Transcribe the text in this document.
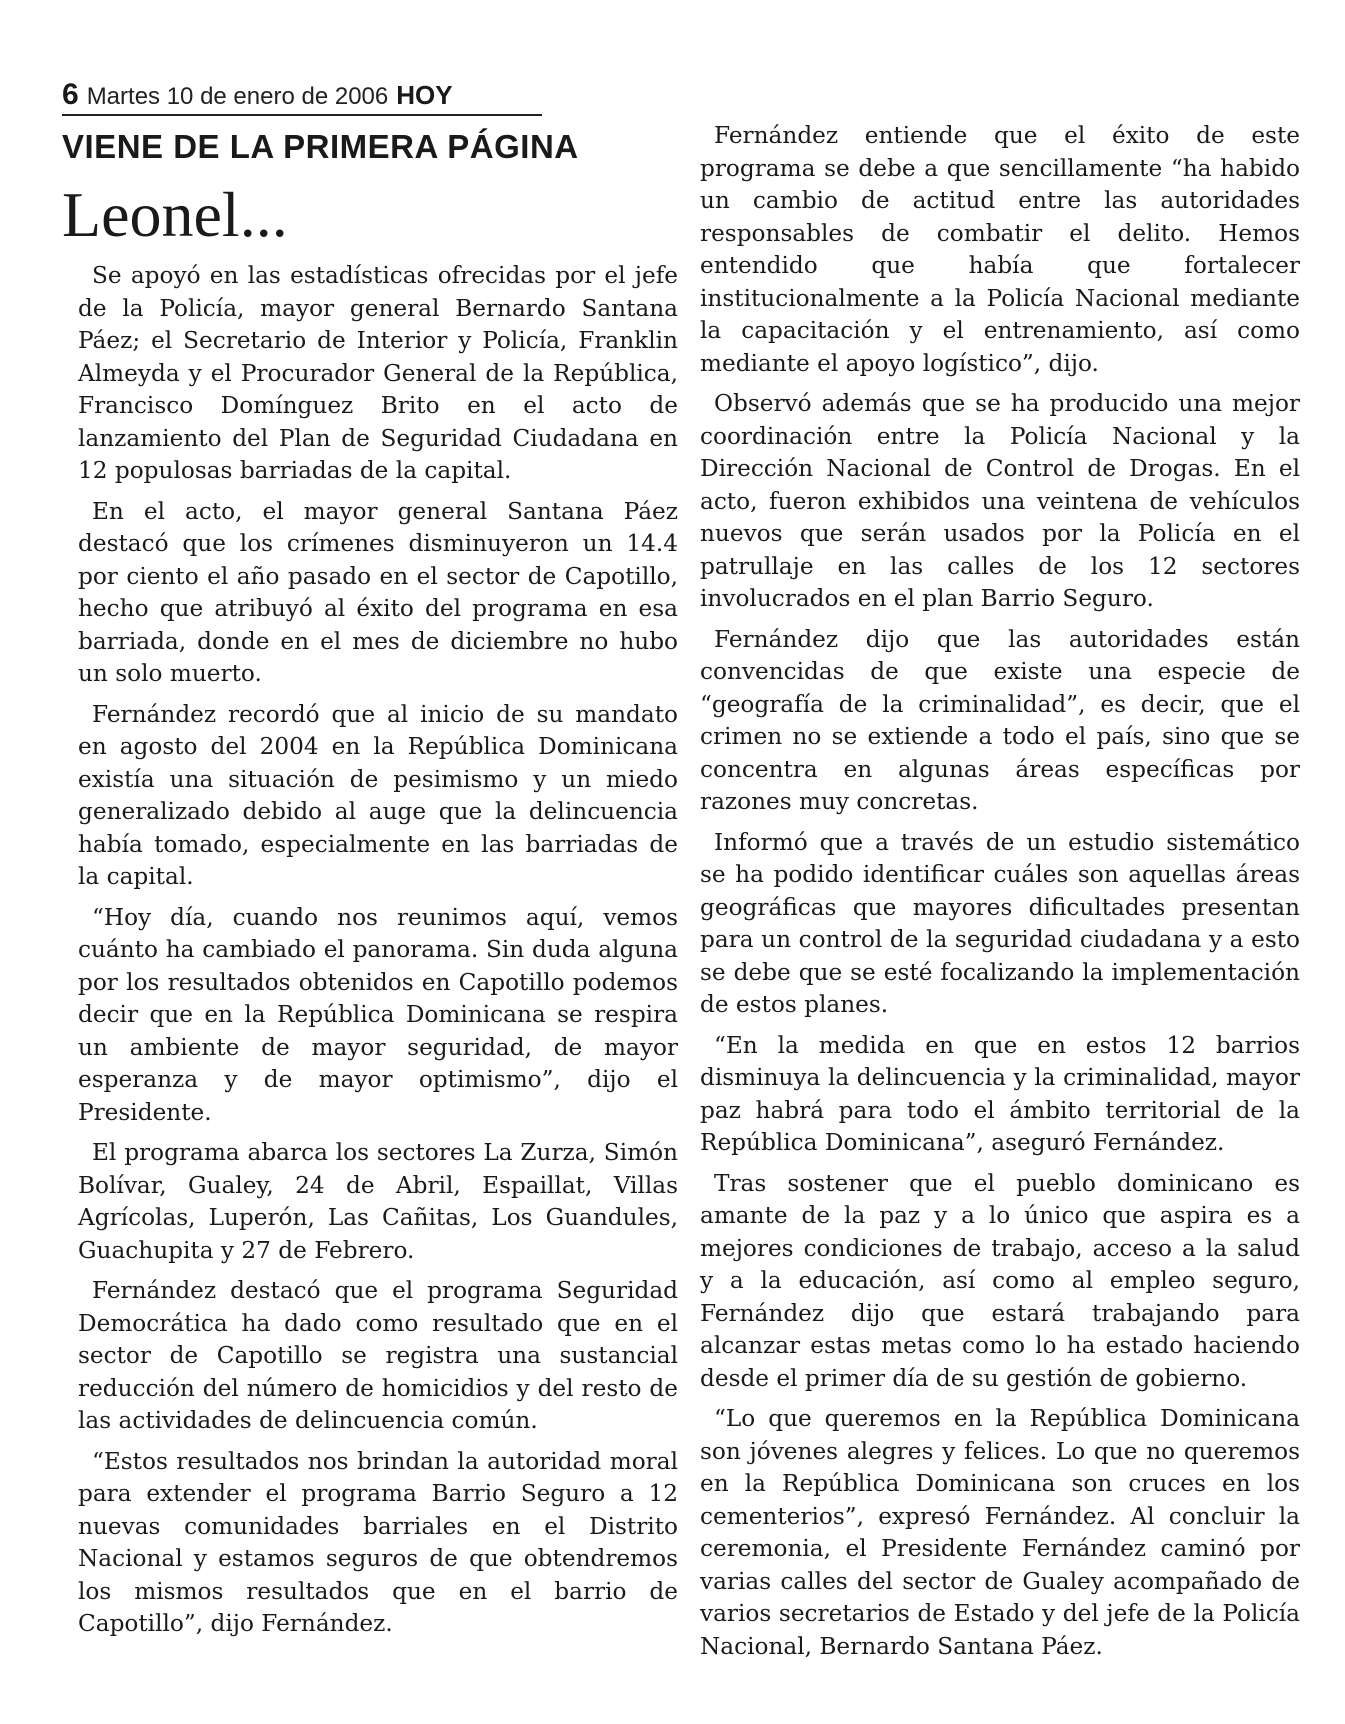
6 Martes 10 de enero de 2006 HOY
VIENE DE LA PRIMERA PÁGINA
Leonel...

Se apoyó en las estadísticas ofrecidas por el jefe de la Policía, mayor general Bernardo Santana Páez; el Secretario de Interior y Policía, Franklin Almeyda y el Procurador General de la República, Francisco Domínguez Brito en el acto de lanzamiento del Plan de Seguridad Ciudadana en 12 populosas barriadas de la capital.

En el acto, el mayor general Santana Páez destacó que los crímenes disminuyeron un 14.4 por ciento el año pasado en el sector de Capotillo, hecho que atribuyó al éxito del programa en esa barriada, donde en el mes de diciembre no hubo un solo muerto.

Fernández recordó que al inicio de su mandato en agosto del 2004 en la República Dominicana existía una situación de pesimismo y un miedo generalizado debido al auge que la delincuencia había tomado, especialmente en las barriadas de la capital.

“Hoy día, cuando nos reunimos aquí, vemos cuánto ha cambiado el panorama. Sin duda alguna por los resultados obtenidos en Capotillo podemos decir que en la República Dominicana se respira un ambiente de mayor seguridad, de mayor esperanza y de mayor optimismo”, dijo el Presidente.

El programa abarca los sectores La Zurza, Simón Bolívar, Gualey, 24 de Abril, Espaillat, Villas Agrícolas, Luperón, Las Cañitas, Los Guandules, Guachupita y 27 de Febrero.

Fernández destacó que el programa Seguridad Democrática ha dado como resultado que en el sector de Capotillo se registra una sustancial reducción del número de homicidios y del resto de las actividades de delincuencia común.

“Estos resultados nos brindan la autoridad moral para extender el programa Barrio Seguro a 12 nuevas comunidades barriales en el Distrito Nacional y estamos seguros de que obtendremos los mismos resultados que en el barrio de Capotillo”, dijo Fernández.

Fernández entiende que el éxito de este programa se debe a que sencillamente “ha habido un cambio de actitud entre las autoridades responsables de combatir el delito. Hemos entendido que había que fortalecer institucionalmente a la Policía Nacional mediante la capacitación y el entrenamiento, así como mediante el apoyo logístico”, dijo.

Observó además que se ha producido una mejor coordinación entre la Policía Nacional y la Dirección Nacional de Control de Drogas. En el acto, fueron exhibidos una veintena de vehículos nuevos que serán usados por la Policía en el patrullaje en las calles de los 12 sectores involucrados en el plan Barrio Seguro.

Fernández dijo que las autoridades están convencidas de que existe una especie de “geografía de la criminalidad”, es decir, que el crimen no se extiende a todo el país, sino que se concentra en algunas áreas específicas por razones muy concretas.

Informó que a través de un estudio sistemático se ha podido identificar cuáles son aquellas áreas geográficas que mayores dificultades presentan para un control de la seguridad ciudadana y a esto se debe que se esté focalizando la implementación de estos planes.

“En la medida en que en estos 12 barrios disminuya la delincuencia y la criminalidad, mayor paz habrá para todo el ámbito territorial de la República Dominicana”, aseguró Fernández.

Tras sostener que el pueblo dominicano es amante de la paz y a lo único que aspira es a mejores condiciones de trabajo, acceso a la salud y a la educación, así como al empleo seguro, Fernández dijo que estará trabajando para alcanzar estas metas como lo ha estado haciendo desde el primer día de su gestión de gobierno.

“Lo que queremos en la República Dominicana son jóvenes alegres y felices. Lo que no queremos en la República Dominicana son cruces en los cementerios”, expresó Fernández. Al concluir la ceremonia, el Presidente Fernández caminó por varias calles del sector de Gualey acompañado de varios secretarios de Estado y del jefe de la Policía Nacional, Bernardo Santana Páez.
